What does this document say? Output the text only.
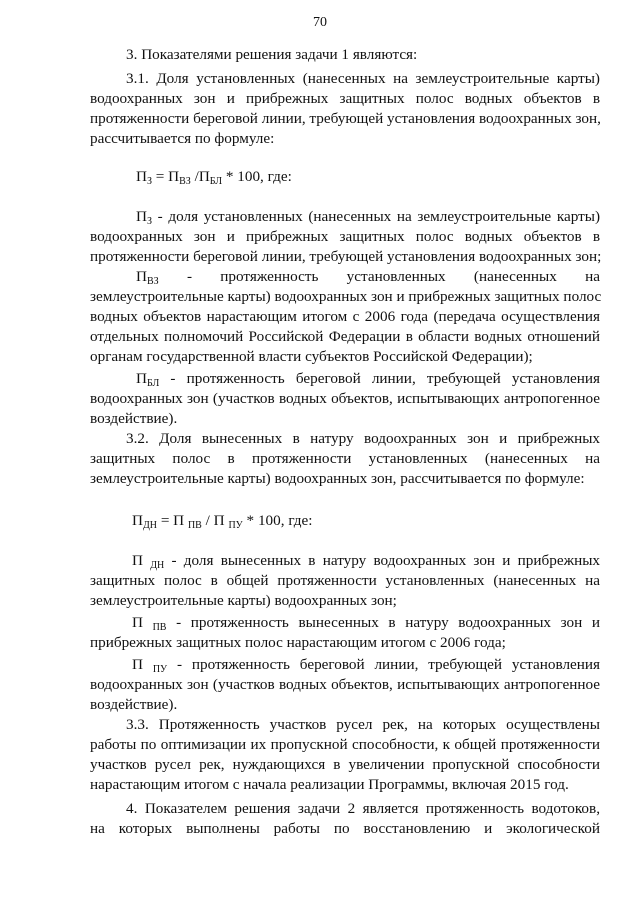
70
3. Показателями решения задачи 1 являются:
3.1. Доля установленных (нанесенных на землеустроительные карты)
водоохранных зон и прибрежных защитных полос водных объектов в
протяженности береговой линии, требующей установления водоохранных зон,
рассчитывается по формуле:
$П_З = П_{ВЗ}$ $/П_{БЛ} * 100$, где:
$П_З$ - доля установленных (нанесенных на землеустроительные карты)
водоохранных зон и прибрежных защитных полос водных объектов в
протяженности береговой линии, требующей установления водоохранных зон;
$П_{ВЗ}$ - протяженность установленных (нанесенных на
землеустроительные карты) водоохранных зон и прибрежных защитных полос
водных объектов нарастающим итогом с 2006 года (передача осуществления
отдельных полномочий Российской Федерации в области водных отношений
органам государственной власти субъектов Российской Федерации);
$П_{БЛ}$ - протяженность береговой линии, требующей установления
водоохранных зон (участков водных объектов, испытывающих антропогенное
воздействие).
3.2. Доля вынесенных в натуру водоохранных зон и прибрежных
защитных полос в протяженности установленных (нанесенных на
землеустроительные карты) водоохранных зон, рассчитывается по формуле:
$П_{ДН} = П$ $_{ПВ}$ / П $_{ПУ}$ * 100, где:
П $_{ДН}$ - доля вынесенных в натуру водоохранных зон и прибрежных
защитных полос в общей протяженности установленных (нанесенных на
землеустроительные карты) водоохранных зон;
П $_{ПВ}$ - протяженность вынесенных в натуру водоохранных зон и
прибрежных защитных полос нарастающим итогом с 2006 года;
П $_{ПУ}$ - протяженность береговой линии, требующей установления
водоохранных зон (участков водных объектов, испытывающих антропогенное
воздействие).
3.3. Протяженность участков русел рек, на которых осуществлены
работы по оптимизации их пропускной способности, к общей протяженности
участков русел рек, нуждающихся в увеличении пропускной способности
нарастающим итогом с начала реализации Программы, включая 2015 год.
4. Показателем решения задачи 2 является протяженность водотоков,
на которых выполнены работы по восстановлению и экологической
